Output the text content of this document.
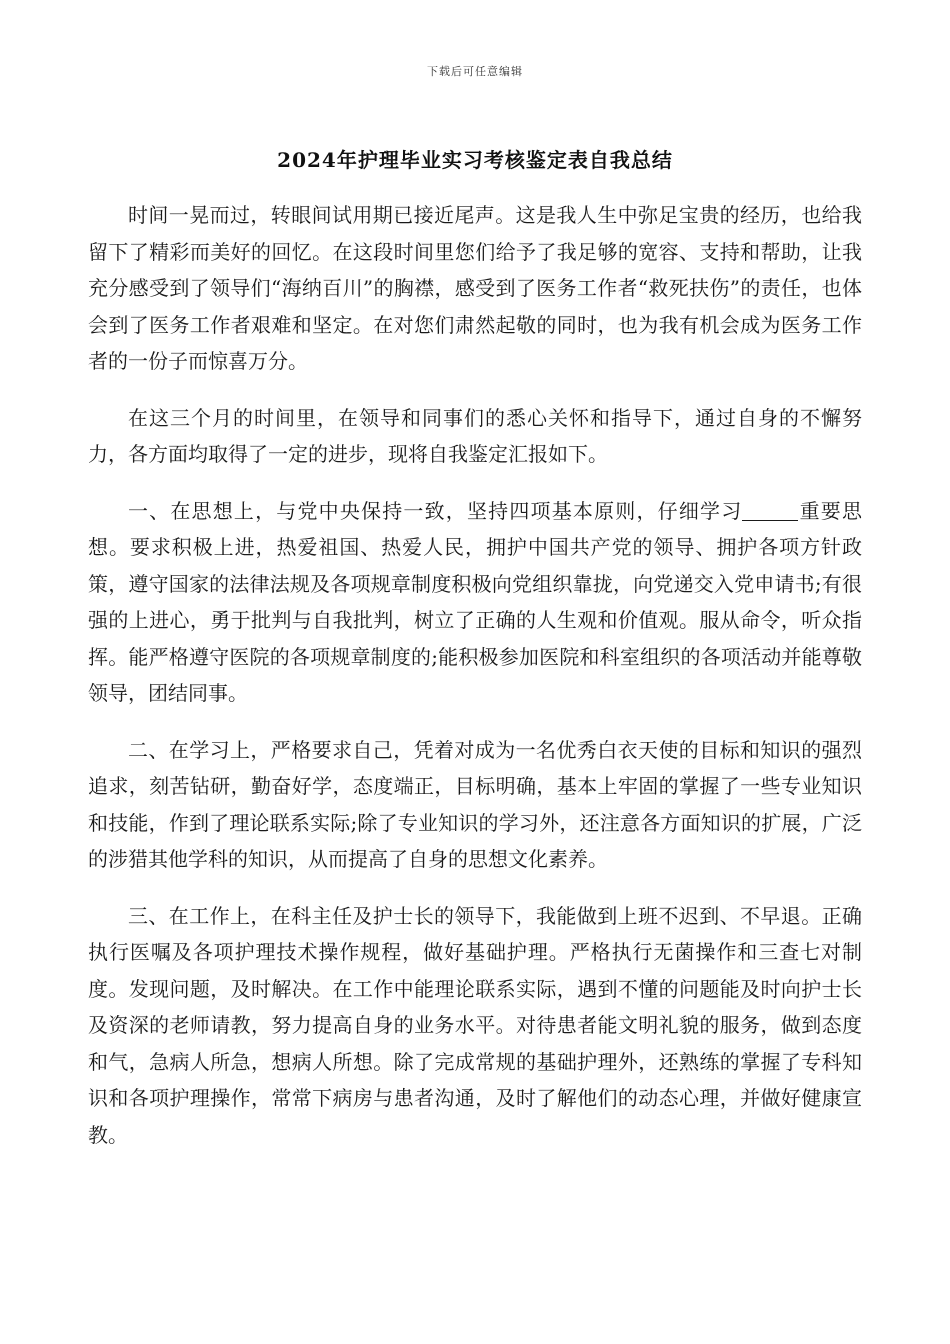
下载后可任意编辑
2024年护理毕业实习考核鉴定表自我总结

时间一晃而过，转眼间试用期已接近尾声。这是我人生中弥足宝贵的经历，也给我留下了精彩而美好的回忆。在这段时间里您们给予了我足够的宽容、支持和帮助，让我充分感受到了领导们“海纳百川”的胸襟，感受到了医务工作者“救死扶伤”的责任，也体会到了医务工作者艰难和坚定。在对您们肃然起敬的同时，也为我有机会成为医务工作者的一份子而惊喜万分。

在这三个月的时间里，在领导和同事们的悉心关怀和指导下，通过自身的不懈努力，各方面均取得了一定的进步，现将自我鉴定汇报如下。

一、在思想上，与党中央保持一致，坚持四项基本原则，仔细学习	重要思想。要求积极上进，热爱祖国、热爱人民，拥护中国共产党的领导、拥护各项方针政策，遵守国家的法律法规及各项规章制度积极向党组织靠拢，向党递交入党申请书;有很强的上进心，勇于批判与自我批判，树立了正确的人生观和价值观。服从命令，听众指挥。能严格遵守医院的各项规章制度的;能积极参加医院和科室组织的各项活动并能尊敬领导，团结同事。

二、在学习上，严格要求自己，凭着对成为一名优秀白衣天使的目标和知识的强烈追求，刻苦钻研，勤奋好学，态度端正，目标明确，基本上牢固的掌握了一些专业知识和技能，作到了理论联系实际;除了专业知识的学习外，还注意各方面知识的扩展，广泛的涉猎其他学科的知识，从而提高了自身的思想文化素养。

三、在工作上，在科主任及护士长的领导下，我能做到上班不迟到、不早退。正确执行医嘱及各项护理技术操作规程，做好基础护理。严格执行无菌操作和三查七对制度。发现问题，及时解决。在工作中能理论联系实际，遇到不懂的问题能及时向护士长及资深的老师请教，努力提高自身的业务水平。对待患者能文明礼貌的服务，做到态度和气，急病人所急，想病人所想。除了完成常规的基础护理外，还熟练的掌握了专科知识和各项护理操作，常常下病房与患者沟通，及时了解他们的动态心理，并做好健康宣教。
